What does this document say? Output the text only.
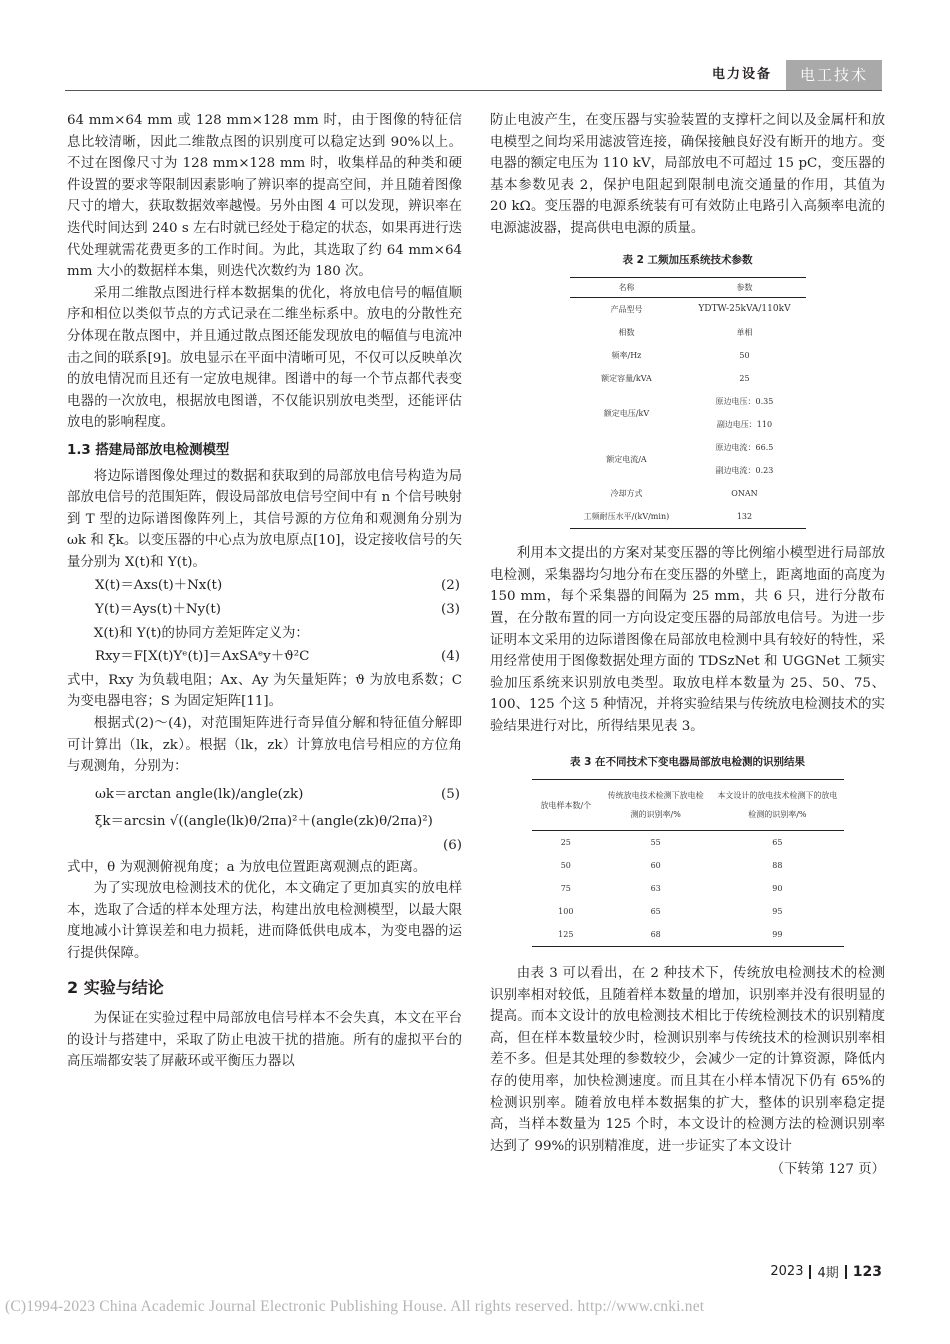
电力设备	电工技术

64 mm×64 mm 或 128 mm×128 mm 时，由于图像的特征信息比较清晰，因此二维散点图的识别度可以稳定达到 90%以上。不过在图像尺寸为 128 mm×128 mm 时，收集样品的种类和硬件设置的要求等限制因素影响了辨识率的提高空间，并且随着图像尺寸的增大，获取数据效率越慢。另外由图 4 可以发现，辨识率在迭代时间达到 240 s 左右时就已经处于稳定的状态，如果再进行迭代处理就需花费更多的工作时间。为此，其选取了约 64 mm×64 mm 大小的数据样本集，则迭代次数约为 180 次。

采用二维散点图进行样本数据集的优化，将放电信号的幅值顺序和相位以类似节点的方式记录在二维坐标系中。放电的分散性充分体现在散点图中，并且通过散点图还能发现放电的幅值与电流冲击之间的联系[9]。放电显示在平面中清晰可见，不仅可以反映单次的放电情况而且还有一定放电规律。图谱中的每一个节点都代表变电器的一次放电，根据放电图谱，不仅能识别放电类型，还能评估放电的影响程度。

1.3 搭建局部放电检测模型

将边际谱图像处理过的数据和获取到的局部放电信号构造为局部放电信号的范围矩阵，假设局部放电信号空间中有 n 个信号映射到 T 型的边际谱图像阵列上，其信号源的方位角和观测角分别为 ωk 和 ξk。以变压器的中心点为放电原点[10]，设定接收信号的矢量分别为 X(t)和 Y(t)。

X(t)＝Axs(t)＋Nx(t)	(2)
Y(t)＝Ays(t)＋Ny(t)	(3)

X(t)和 Y(t)的协同方差矩阵定义为：

Rxy＝F[X(t)Yᵉ(t)]＝AxSAᵉy＋ϑ²C	(4)

式中，Rxy 为负载电阻；Ax、Ay 为矢量矩阵；ϑ 为放电系数；C 为变电器电容；S 为固定矩阵[11]。

根据式(2)～(4)，对范围矩阵进行奇异值分解和特征值分解即可计算出（lk，zk）。根据（lk，zk）计算放电信号相应的方位角与观测角，分别为：

ωk＝arctan angle(lk)/angle(zk)	(5)
ξk＝arcsin √((angle(lk)θ/2πa)²＋(angle(zk)θ/2πa)²)
(6)

式中，θ 为观测俯视角度；a 为放电位置距离观测点的距离。

为了实现放电检测技术的优化，本文确定了更加真实的放电样本，选取了合适的样本处理方法，构建出放电检测模型，以最大限度地减小计算误差和电力损耗，进而降低供电成本，为变电器的运行提供保障。

2 实验与结论

为保证在实验过程中局部放电信号样本不会失真，本文在平台的设计与搭建中，采取了防止电波干扰的措施。所有的虚拟平台的高压端都安装了屏蔽环或平衡压力器以

防止电波产生，在变压器与实验装置的支撑杆之间以及金属杆和放电模型之间均采用滤波管连接，确保接触良好没有断开的地方。变电器的额定电压为 110 kV，局部放电不可超过 15 pC，变压器的基本参数见表 2，保护电阻起到限制电流交通量的作用，其值为 20 kΩ。变压器的电源系统装有可有效防止电路引入高频率电流的电源滤波器，提高供电电源的质量。

表 2 工频加压系统技术参数
名称	参数
产品型号	YDTW-25kVA/110kV
相数	单相
频率/Hz	50
额定容量/kVA	25
额定电压/kV	原边电压：0.35
	副边电压：110
额定电流/A	原边电流：66.5
	副边电流：0.23
冷却方式	ONAN
工频耐压水平/(kV/min)	132

利用本文提出的方案对某变压器的等比例缩小模型进行局部放电检测，采集器均匀地分布在变压器的外壁上，距离地面的高度为 150 mm，每个采集器的间隔为 25 mm，共 6 只，进行分散布置，在分散布置的同一方向设定变压器的局部放电信号。为进一步证明本文采用的边际谱图像在局部放电检测中具有较好的特性，采用经常使用于图像数据处理方面的 TDSzNet 和 UGGNet 工频实验加压系统来识别放电类型。取放电样本数量为 25、50、75、100、125 个这 5 种情况，并将实验结果与传统放电检测技术的实验结果进行对比，所得结果见表 3。

表 3 在不同技术下变电器局部放电检测的识别结果
放电样本数/个	传统放电技术检测下放电检测的识别率/%	本文设计的放电技术检测下的放电检测的识别率/%
25	55	65
50	60	88
75	63	90
100	65	95
125	68	99

由表 3 可以看出，在 2 种技术下，传统放电检测技术的检测识别率相对较低，且随着样本数量的增加，识别率并没有很明显的提高。而本文设计的放电检测技术相比于传统检测技术的识别精度高，但在样本数量较少时，检测识别率与传统技术的检测识别率相差不多。但是其处理的参数较少，会减少一定的计算资源，降低内存的使用率，加快检测速度。而且其在小样本情况下仍有 65%的检测识别率。随着放电样本数据集的扩大，整体的识别率稳定提高，当样本数量为 125 个时，本文设计的检测方法的检测识别率达到了 99%的识别精准度，进一步证实了本文设计

（下转第 127 页）
2023 4期 123
(C)1994-2023 China Academic Journal Electronic Publishing House. All rights reserved. http://www.cnki.net
